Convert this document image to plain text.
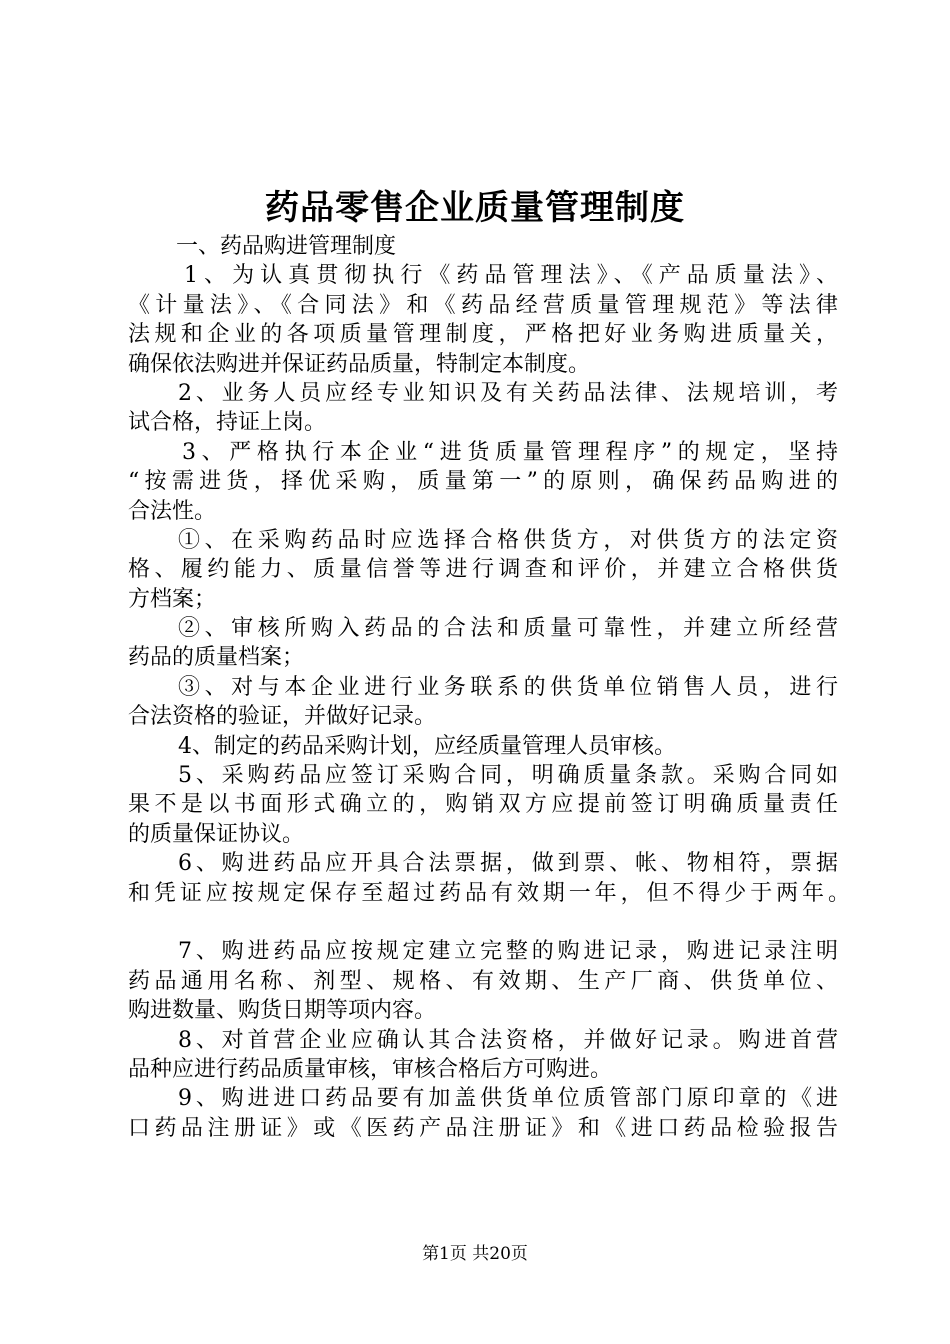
药品零售企业质量管理制度
一、药品购进管理制度
1、为认真贯彻执行《药品管理法》、《产品质量法》、
《计量法》、《合同法》和《药品经营质量管理规范》等法律
法规和企业的各项质量管理制度，严格把好业务购进质量关，
确保依法购进并保证药品质量，特制定本制度。
2、业务人员应经专业知识及有关药品法律、法规培训，考
试合格，持证上岗。
3、严格执行本企业“进货质量管理程序”的规定，坚持
“按需进货，择优采购，质量第一”的原则，确保药品购进的
合法性。
①、在采购药品时应选择合格供货方，对供货方的法定资
格、履约能力、质量信誉等进行调查和评价，并建立合格供货
方档案；
②、审核所购入药品的合法和质量可靠性，并建立所经营
药品的质量档案；
③、对与本企业进行业务联系的供货单位销售人员，进行
合法资格的验证，并做好记录。
4、制定的药品采购计划，应经质量管理人员审核。
5、采购药品应签订采购合同，明确质量条款。采购合同如
果不是以书面形式确立的，购销双方应提前签订明确质量责任
的质量保证协议。
6、购进药品应开具合法票据，做到票、帐、物相符，票据
和凭证应按规定保存至超过药品有效期一年，但不得少于两年。
7、购进药品应按规定建立完整的购进记录，购进记录注明
药品通用名称、剂型、规格、有效期、生产厂商、供货单位、
购进数量、购货日期等项内容。
8、对首营企业应确认其合法资格，并做好记录。购进首营
品种应进行药品质量审核，审核合格后方可购进。
9、购进进口药品要有加盖供货单位质管部门原印章的《进
口药品注册证》或《医药产品注册证》和《进口药品检验报告
第1页 共20页
